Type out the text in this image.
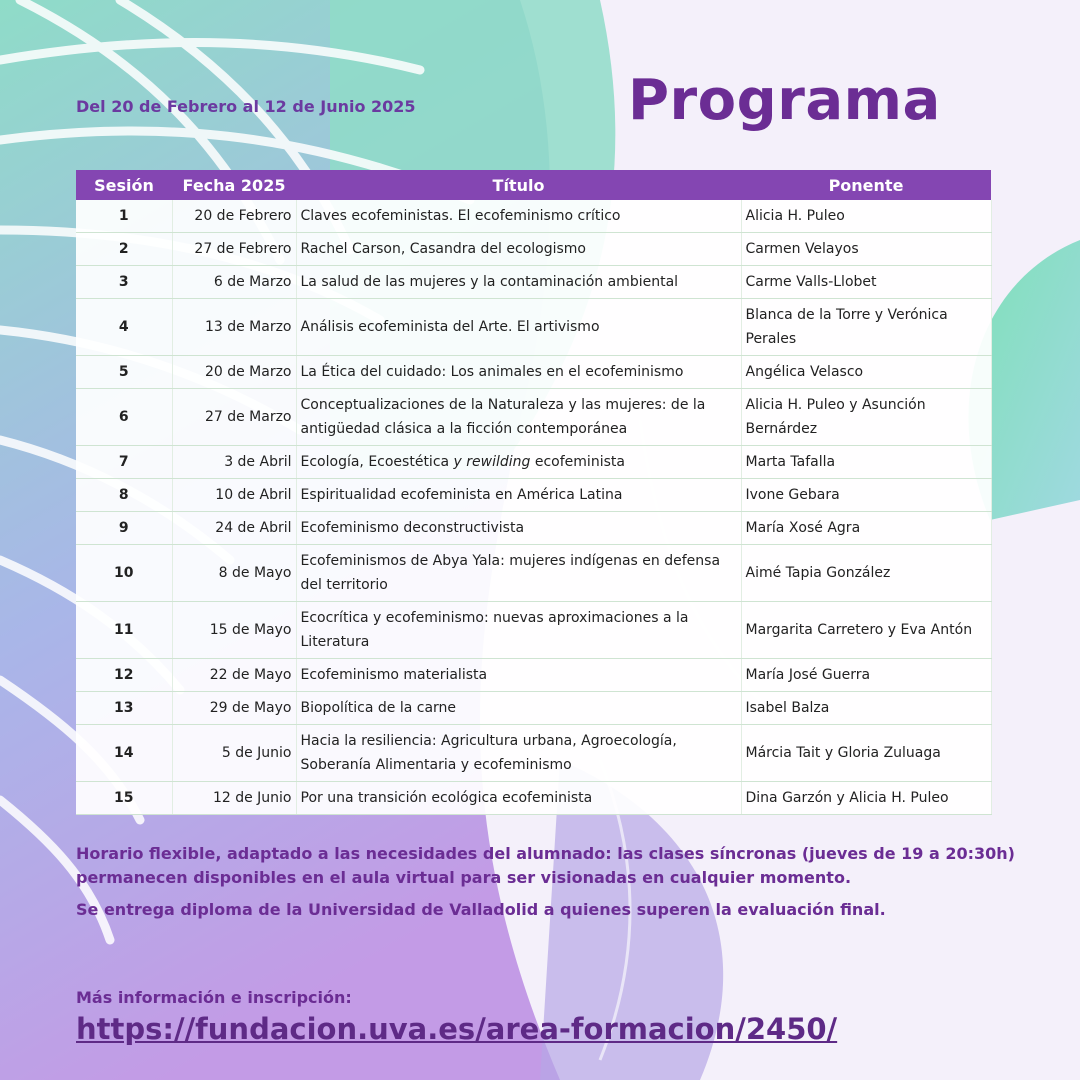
Del 20 de Febrero al 12 de Junio 2025	Programa
Sesión	Fecha 2025	Título	Ponente
1	20 de Febrero	Claves ecofeministas. El ecofeminismo crítico	Alicia H. Puleo
2	27 de Febrero	Rachel Carson, Casandra del ecologismo	Carmen Velayos
3	6 de Marzo	La salud de las mujeres y la contaminación ambiental	Carme Valls-Llobet
4	13 de Marzo	Análisis ecofeminista del Arte. El artivismo	Blanca de la Torre y Verónica Perales
5	20 de Marzo	La Ética del cuidado: Los animales en el ecofeminismo	Angélica Velasco
6	27 de Marzo	Conceptualizaciones de la Naturaleza y las mujeres: de la antigüedad clásica a la ficción contemporánea	Alicia H. Puleo y Asunción Bernárdez
7	3 de Abril	Ecología, Ecoestética y rewilding ecofeminista	Marta Tafalla
8	10 de Abril	Espiritualidad ecofeminista en América Latina	Ivone Gebara
9	24 de Abril	Ecofeminismo deconstructivista	María Xosé Agra
10	8 de Mayo	Ecofeminismos de Abya Yala: mujeres indígenas en defensa del territorio	Aimé Tapia González
11	15 de Mayo	Ecocrítica y ecofeminismo: nuevas aproximaciones a la Literatura	Margarita Carretero y Eva Antón
12	22 de Mayo	Ecofeminismo materialista	María José Guerra
13	29 de Mayo	Biopolítica de la carne	Isabel Balza
14	5 de Junio	Hacia la resiliencia: Agricultura urbana, Agroecología, Soberanía Alimentaria y ecofeminismo	Márcia Tait y Gloria Zuluaga
15	12 de Junio	Por una transición ecológica ecofeminista	Dina Garzón y Alicia H. Puleo

Horario flexible, adaptado a las necesidades del alumnado: las clases síncronas (jueves de 19 a 20:30h) permanecen disponibles en el aula virtual para ser visionadas en cualquier momento.

Se entrega diploma de la Universidad de Valladolid a quienes superen la evaluación final.

Más información e inscripción:
https://fundacion.uva.es/area-formacion/2450/
